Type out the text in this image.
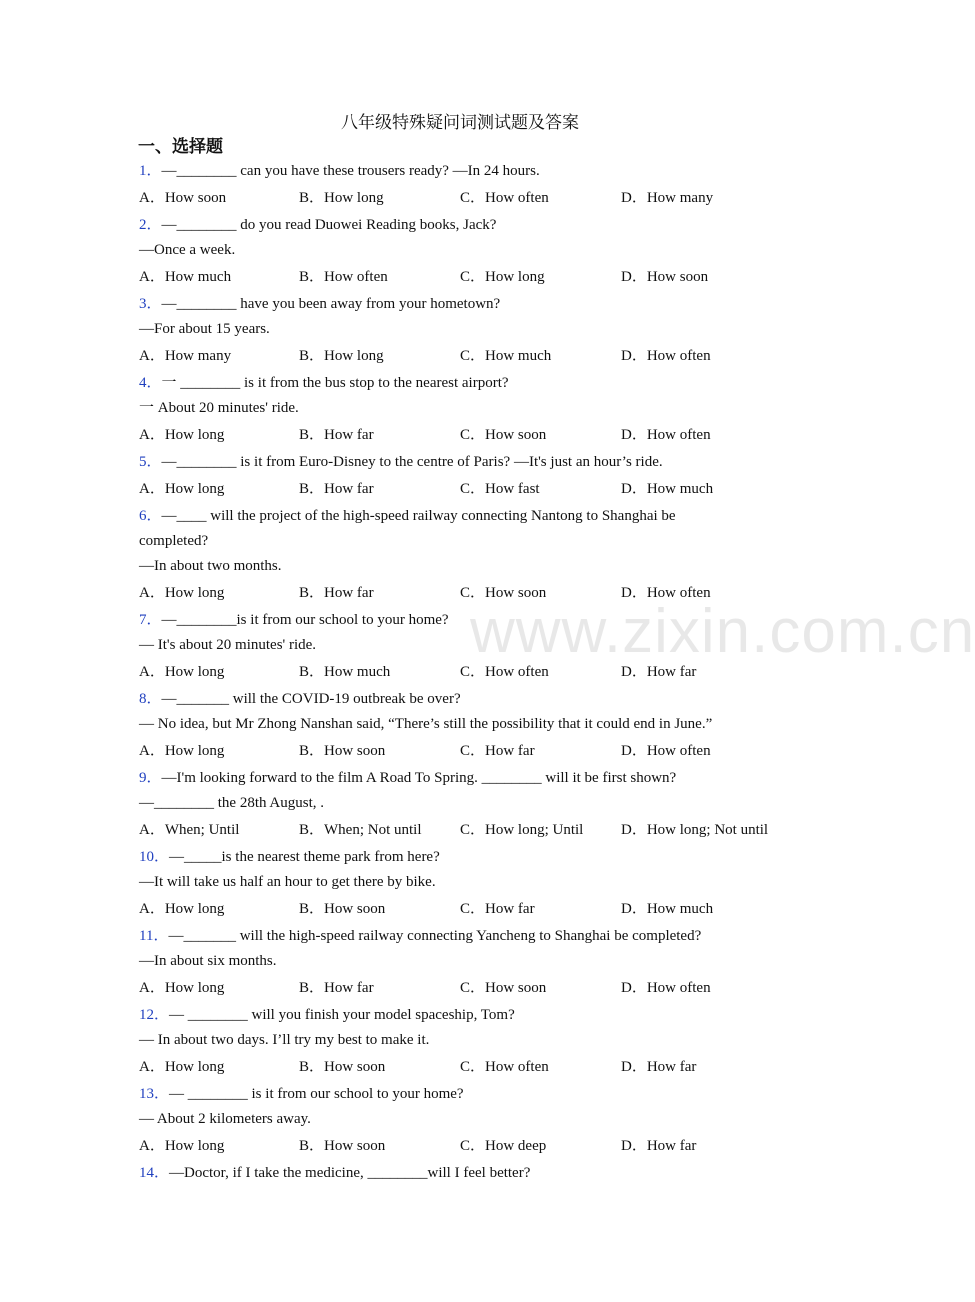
www.zixin.com.cn
八年级特殊疑问词测试题及答案
一、选择题
1．—________ can you have these trousers ready? —In 24 hours.
A．How soon	B．How long	C．How often	D．How many
2．—________ do you read Duowei Reading books, Jack?
—Once a week.
A．How much	B．How often	C．How long	D．How soon
3．—________ have you been away from your hometown?
—For about 15 years.
A．How many	B．How long	C．How much	D．How often
4．一 ________ is it from the bus stop to the nearest airport?
一 About 20 minutes' ride.
A．How long	B．How far	C．How soon	D．How often
5．—________ is it from Euro-Disney to the centre of Paris? —It's just an hour’s ride.
A．How long	B．How far	C．How fast	D．How much
6．—____ will the project of the high-speed railway connecting Nantong to Shanghai be
completed?
—In about two months.
A．How long	B．How far	C．How soon	D．How often
7．—________is it from our school to your home?
— It's about 20 minutes' ride.
A．How long	B．How much	C．How often	D．How far
8．—_______ will the COVID-19 outbreak be over?
— No idea, but Mr Zhong Nanshan said, “There’s still the possibility that it could end in June.”
A．How long	B．How soon	C．How far	D．How often
9．—I'm looking forward to the film A Road To Spring. ________ will it be first shown?
—________ the 28th August, .
A．When; Until	B．When; Not until	C．How long; Until	D．How long; Not until
10．—_____is the nearest theme park from here?
—It will take us half an hour to get there by bike.
A．How long	B．How soon	C．How far	D．How much
11．—_______ will the high-speed railway connecting Yancheng to Shanghai be completed?
—In about six months.
A．How long	B．How far	C．How soon	D．How often
12．— ________ will you finish your model spaceship, Tom?
— In about two days. I’ll try my best to make it.
A．How long	B．How soon	C．How often	D．How far
13．— ________ is it from our school to your home?
— About 2 kilometers away.
A．How long	B．How soon	C．How deep	D．How far
14．—Doctor, if I take the medicine, ________will I feel better?
